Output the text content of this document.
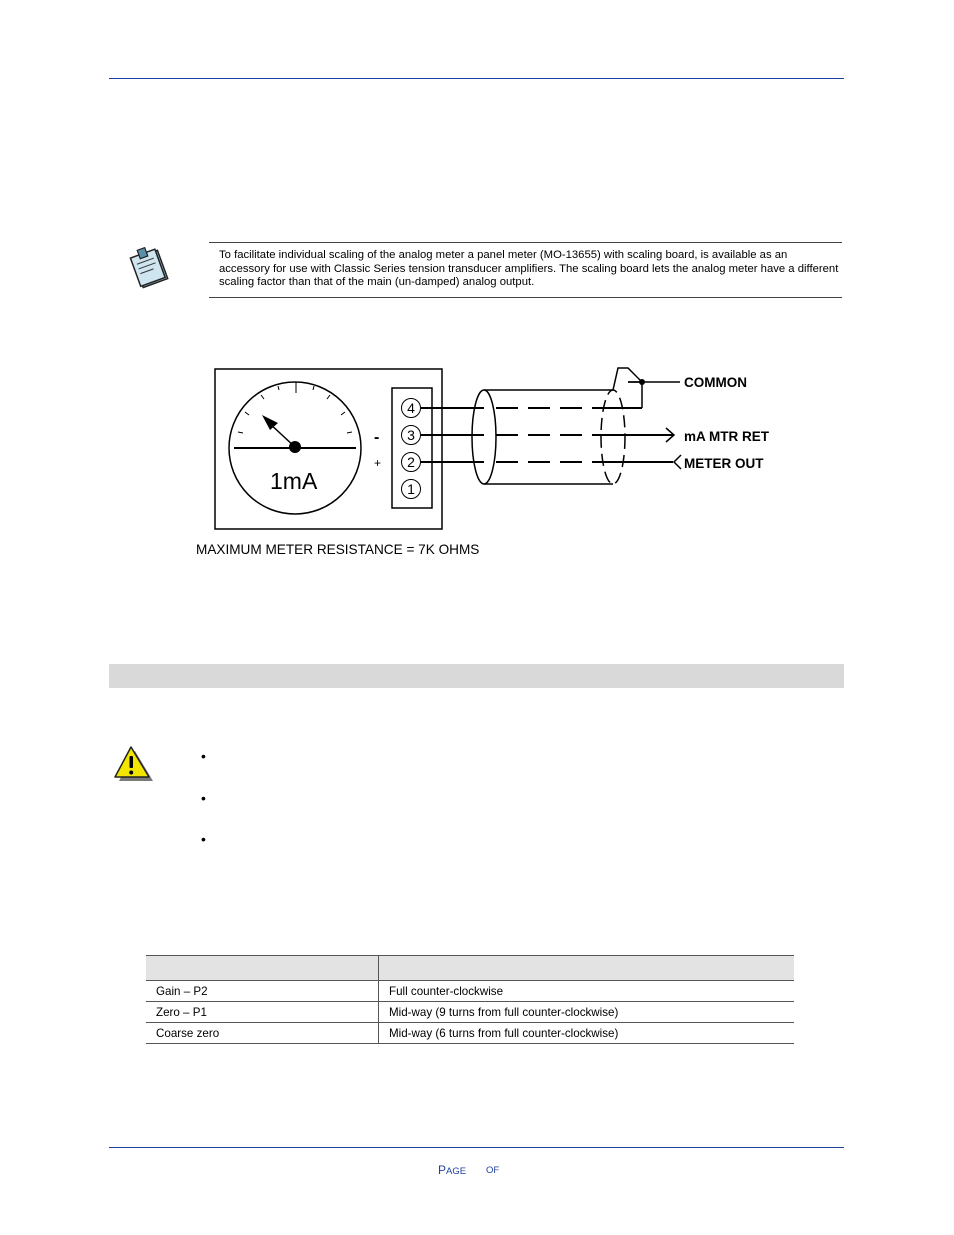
To facilitate individual scaling of the analog meter a panel meter (MO-13655) with scaling board, is available as an accessory for use with Classic Series tension transducer amplifiers. The scaling board lets the analog meter have a different scaling factor than that of the main (un-damped) analog output.

1mA
-
+
4
3
2
1
COMMON
mA MTR RET
METER OUT
MAXIMUM METER RESISTANCE = 7K OHMS
•
•
•

Gain – P2	Full counter-clockwise
Zero – P1	Mid-way (9 turns from full counter-clockwise)
Coarse zero	Mid-way (6 turns from full counter-clockwise)
PAGE OF
